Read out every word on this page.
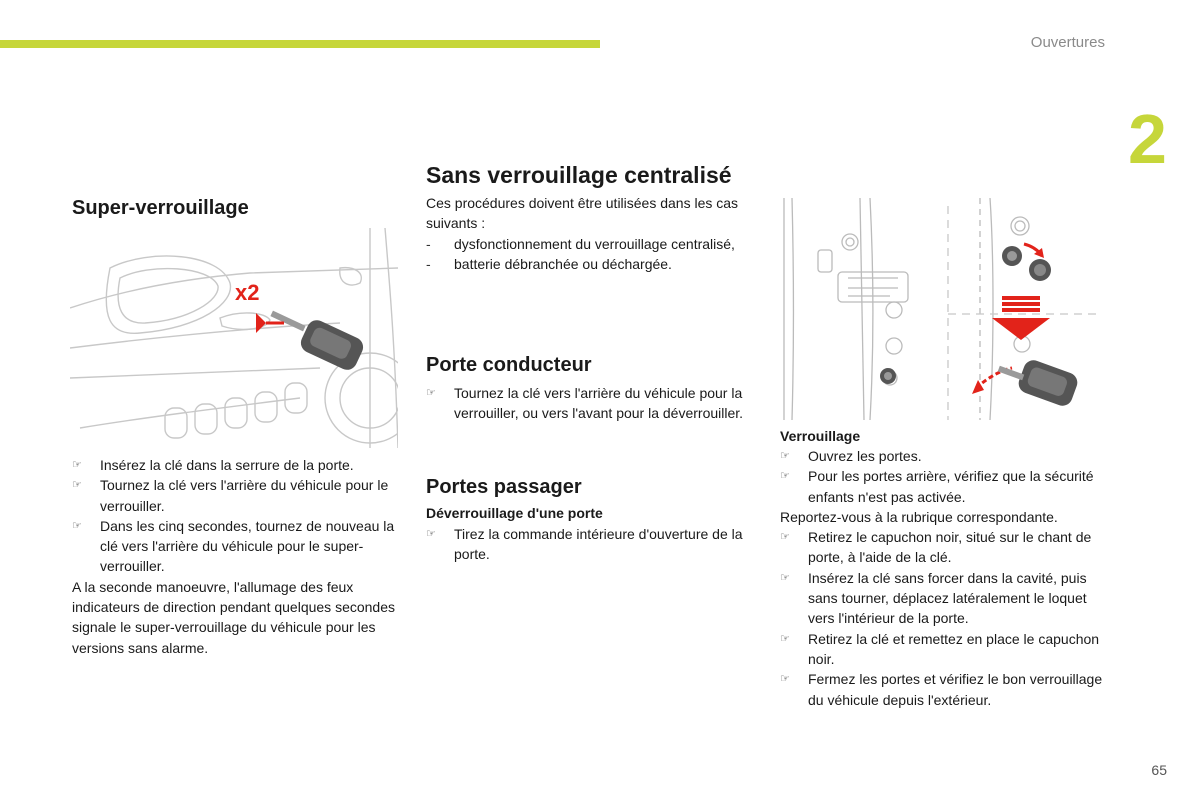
Ouvertures
2
65
Super-verrouillage
x2
☞ Insérez la clé dans la serrure de la porte.
☞ Tournez la clé vers l'arrière du véhicule pour le verrouiller.
☞ Dans les cinq secondes, tournez de nouveau la clé vers l'arrière du véhicule pour le super-verrouiller.

A la seconde manoeuvre, l'allumage des feux indicateurs de direction pendant quelques secondes signale le super-verrouillage du véhicule pour les versions sans alarme.

Sans verrouillage centralisé

Ces procédures doivent être utilisées dans les cas suivants :

- dysfonctionnement du verrouillage centralisé,
- batterie débranchée ou déchargée.
Porte conducteur
☞ Tournez la clé vers l'arrière du véhicule pour la verrouiller, ou vers l'avant pour la déverrouiller.
Portes passager
Déverrouillage d'une porte
☞ Tirez la commande intérieure d'ouverture de la porte.
Verrouillage
☞ Ouvrez les portes.
☞ Pour les portes arrière, vérifiez que la sécurité enfants n'est pas activée.

Reportez-vous à la rubrique correspondante.

☞ Retirez le capuchon noir, situé sur le chant de porte, à l'aide de la clé.
☞ Insérez la clé sans forcer dans la cavité, puis sans tourner, déplacez latéralement le loquet vers l'intérieur de la porte.
☞ Retirez la clé et remettez en place le capuchon noir.
☞ Fermez les portes et vérifiez le bon verrouillage du véhicule depuis l'extérieur.
